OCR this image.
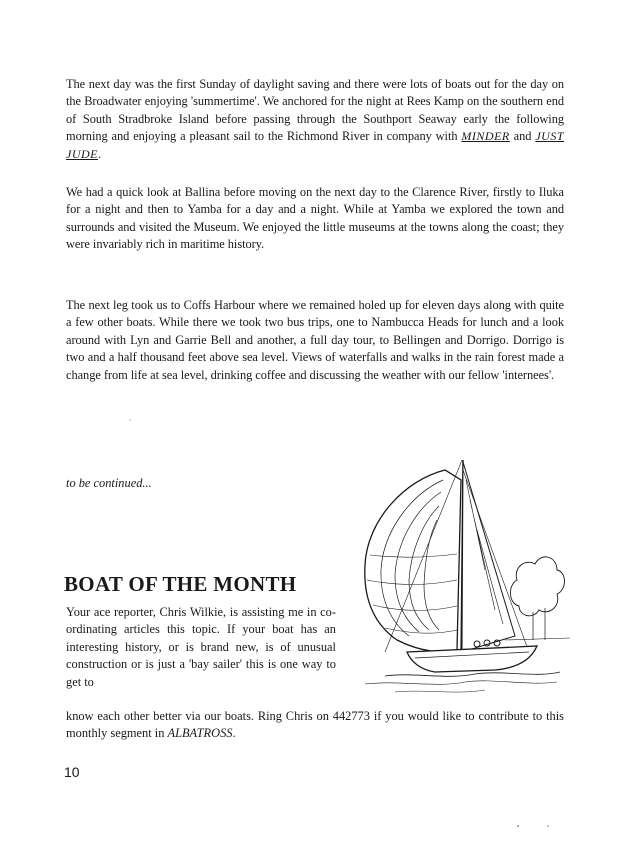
The next day was the first Sunday of daylight saving and there were lots of boats out for the day on the Broadwater enjoying 'summertime'. We anchored for the night at Rees Kamp on the southern end of South Stradbroke Island before passing through the Southport Seaway early the following morning and enjoying a pleasant sail to the Richmond River in company with MINDER and JUST JUDE.

We had a quick look at Ballina before moving on the next day to the Clarence River, firstly to Iluka for a night and then to Yamba for a day and a night. While at Yamba we explored the town and surrounds and visited the Museum. We enjoyed the little museums at the towns along the coast; they were invariably rich in maritime history.

The next leg took us to Coffs Harbour where we remained holed up for eleven days along with quite a few other boats. While there we took two bus trips, one to Nambucca Heads for lunch and a look around with Lyn and Garrie Bell and another, a full day tour, to Bellingen and Dorrigo. Dorrigo is two and a half thousand feet above sea level. Views of waterfalls and walks in the rain forest made a change from life at sea level, drinking coffee and discussing the weather with our fellow 'internees'.

to be continued...
BOAT OF THE MONTH

Your ace reporter, Chris Wilkie, is assisting me in co-ordinating articles this topic. If your boat has an interesting history, or is brand new, is of unusual construction or is just a 'bay sailer' this is one way to get to

know each other better via our boats. Ring Chris on 442773 if you would like to contribute to this monthly segment in ALBATROSS.

10
